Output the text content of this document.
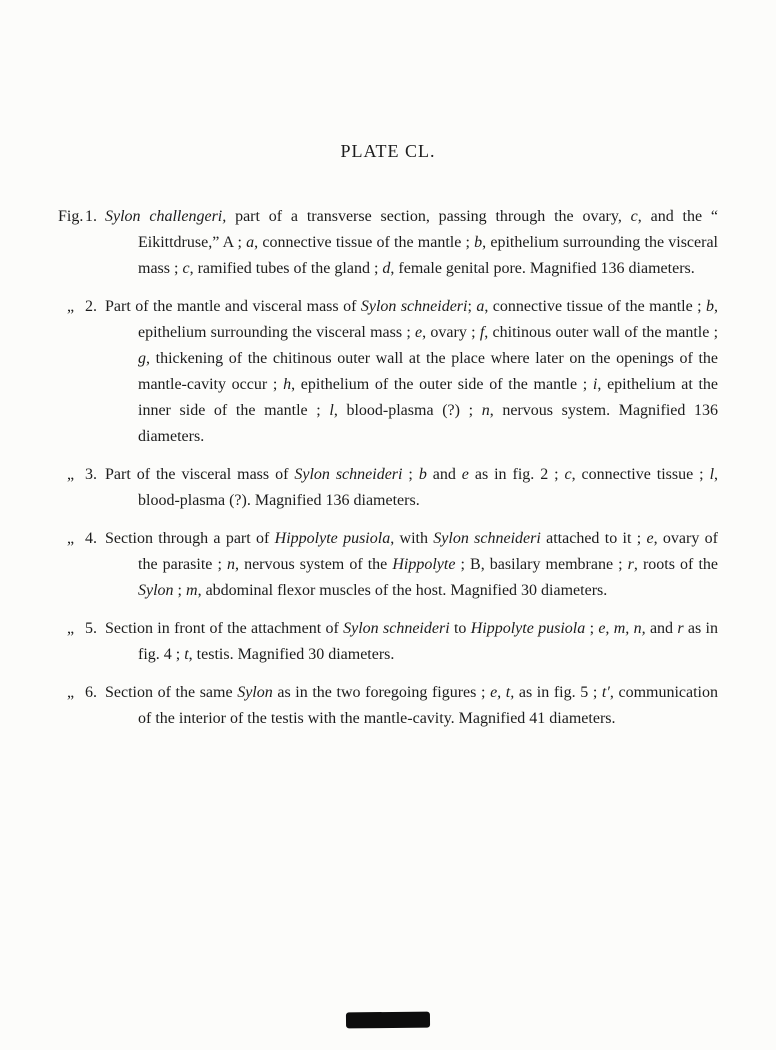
PLATE CL.
Fig. 1. Sylon challengeri, part of a transverse section, passing through the ovary, c, and the “ Eikittdruse,” A ; a, connective tissue of the mantle ; b, epithelium surrounding the visceral mass ; c, ramified tubes of the gland ; d, female genital pore. Magnified 136 diameters.

„ 2. Part of the mantle and visceral mass of Sylon schneideri; a, connective tissue of the mantle ; b, epithelium surrounding the visceral mass ; e, ovary ; f, chitinous outer wall of the mantle ; g, thickening of the chitinous outer wall at the place where later on the openings of the mantle-cavity occur ; h, epithelium of the outer side of the mantle ; i, epithelium at the inner side of the mantle ; l, blood-plasma (?) ; n, nervous system. Magnified 136 diameters.

„ 3. Part of the visceral mass of Sylon schneideri ; b and e as in fig. 2 ; c, connective tissue ; l, blood-plasma (?). Magnified 136 diameters.

„ 4. Section through a part of Hippolyte pusiola, with Sylon schneideri attached to it ; e, ovary of the parasite ; n, nervous system of the Hippolyte ; B, basilary membrane ; r, roots of the Sylon ; m, abdominal flexor muscles of the host. Magnified 30 diameters.

„ 5. Section in front of the attachment of Sylon schneideri to Hippolyte pusiola ; e, m, n, and r as in fig. 4 ; t, testis. Magnified 30 diameters.

„ 6. Section of the same Sylon as in the two foregoing figures ; e, t, as in fig. 5 ; t′, communication of the interior of the testis with the mantle-cavity. Magnified 41 diameters.
